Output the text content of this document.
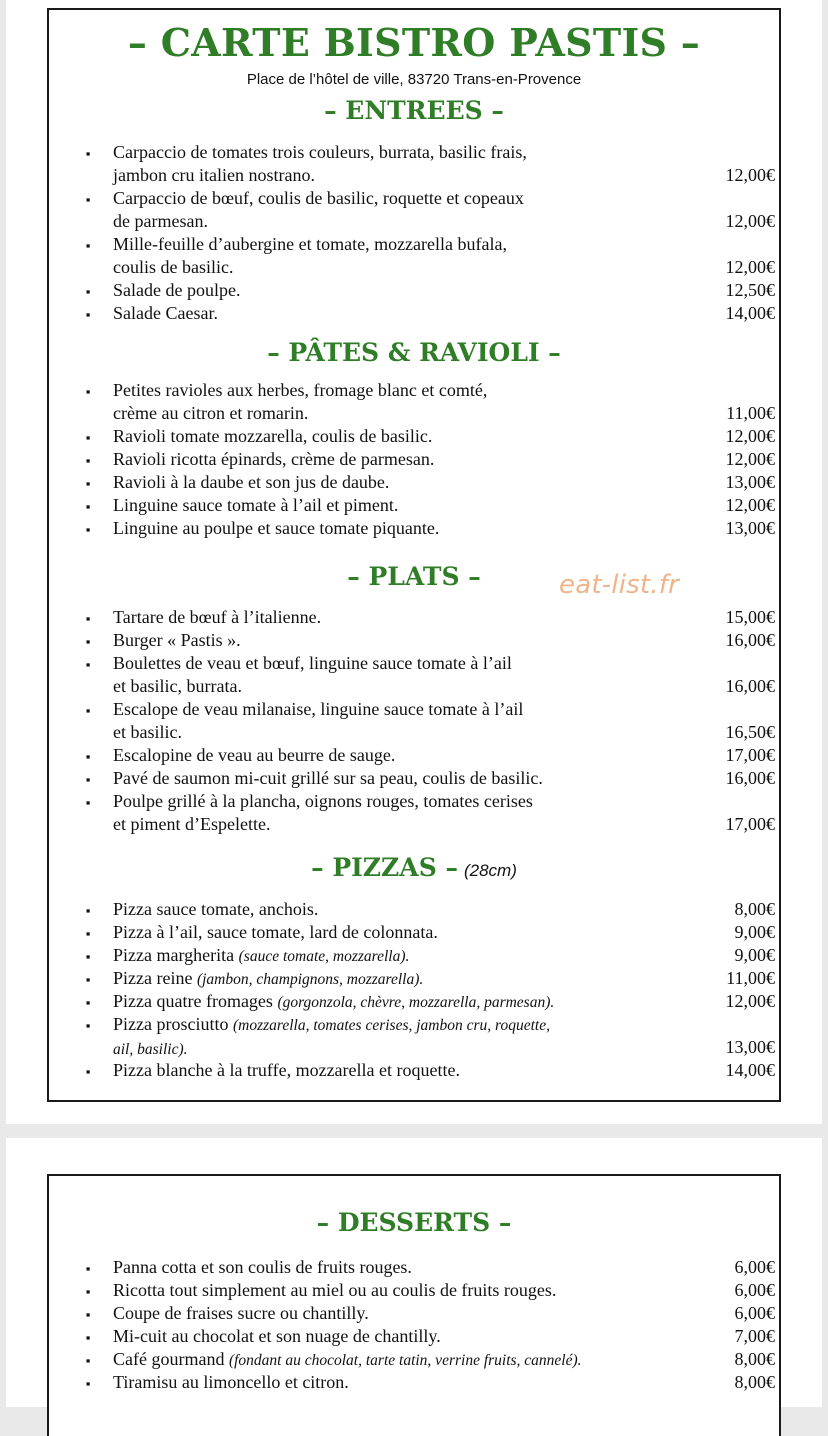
– CARTE BISTRO PASTIS –
Place de l’hôtel de ville, 83720 Trans-en-Provence
– ENTREES –
▪
Carpaccio de tomates trois couleurs, burrata, basilic frais,
jambon cru italien nostrano.	12,00€
▪
Carpaccio de bœuf, coulis de basilic, roquette et copeaux
de parmesan.	12,00€
▪
Mille-feuille d’aubergine et tomate, mozzarella bufala,
coulis de basilic.	12,00€
▪
Salade de poulpe.	12,50€
▪
Salade Caesar.	14,00€
– PÂTES & RAVIOLI –
▪
Petites ravioles aux herbes, fromage blanc et comté,
crème au citron et romarin.	11,00€
▪
Ravioli tomate mozzarella, coulis de basilic.	12,00€
▪
Ravioli ricotta épinards, crème de parmesan.	12,00€
▪
Ravioli à la daube et son jus de daube.	13,00€
▪
Linguine sauce tomate à l’ail et piment.	12,00€
▪
Linguine au poulpe et sauce tomate piquante.	13,00€
– PLATS –
▪
Tartare de bœuf à l’italienne.	15,00€
▪
Burger « Pastis ».	16,00€
▪
Boulettes de veau et bœuf, linguine sauce tomate à l’ail
et basilic, burrata.	16,00€
▪
Escalope de veau milanaise, linguine sauce tomate à l’ail
et basilic.	16,50€
▪
Escalopine de veau au beurre de sauge.	17,00€
▪
Pavé de saumon mi-cuit grillé sur sa peau, coulis de basilic.	16,00€
▪
Poulpe grillé à la plancha, oignons rouges, tomates cerises
et piment d’Espelette.	17,00€
– PIZZAS – (28cm)
▪
Pizza sauce tomate, anchois.	8,00€
▪
Pizza à l’ail, sauce tomate, lard de colonnata.	9,00€
▪
Pizza margherita (sauce tomate, mozzarella).	9,00€
▪
Pizza reine (jambon, champignons, mozzarella).	11,00€
▪
Pizza quatre fromages (gorgonzola, chèvre, mozzarella, parmesan).	12,00€
▪
Pizza prosciutto (mozzarella, tomates cerises, jambon cru, roquette,
ail, basilic).	13,00€
▪
Pizza blanche à la truffe, mozzarella et roquette.	14,00€
eat-list.fr
– DESSERTS –
▪
Panna cotta et son coulis de fruits rouges.	6,00€
▪
Ricotta tout simplement au miel ou au coulis de fruits rouges.	6,00€
▪
Coupe de fraises sucre ou chantilly.	6,00€
▪
Mi-cuit au chocolat et son nuage de chantilly.	7,00€
▪
Café gourmand (fondant au chocolat, tarte tatin, verrine fruits, cannelé).	8,00€
▪
Tiramisu au limoncello et citron.	8,00€
